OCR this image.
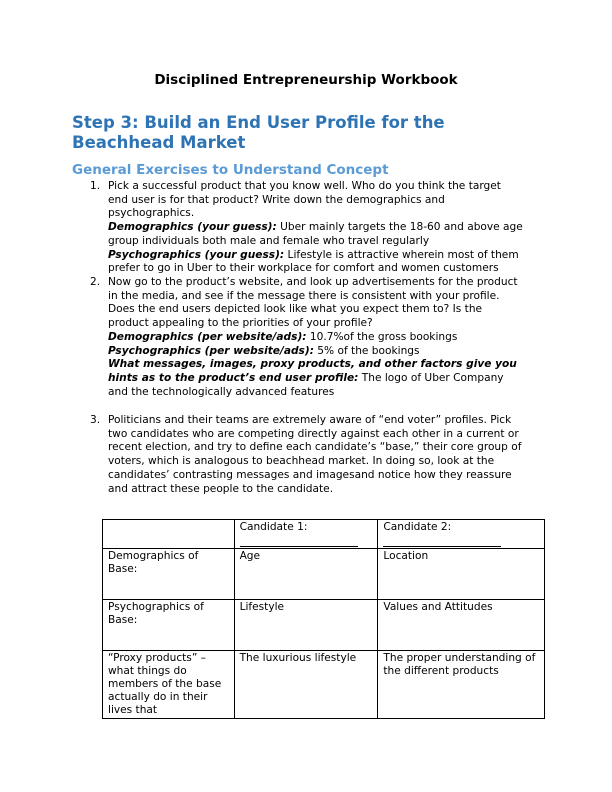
Disciplined Entrepreneurship Workbook
Step 3: Build an End User Profile for the
Beachhead Market
General Exercises to Understand Concept
1. Pick a successful product that you know well. Who do you think the target
end user is for that product? Write down the demographics and
psychographics.
Demographics (your guess): Uber mainly targets the 18-60 and above age
group individuals both male and female who travel regularly
Psychographics (your guess): Lifestyle is attractive wherein most of them
prefer to go in Uber to their workplace for comfort and women customers
2. Now go to the product’s website, and look up advertisements for the product
in the media, and see if the message there is consistent with your profile.
Does the end users depicted look like what you expect them to? Is the
product appealing to the priorities of your profile?
Demographics (per website/ads): 10.7%of the gross bookings
Psychographics (per website/ads): 5% of the bookings
What messages, images, proxy products, and other factors give you
hints as to the product’s end user profile: The logo of Uber Company
and the technologically advanced features
3. Politicians and their teams are extremely aware of “end voter” profiles. Pick
two candidates who are competing directly against each other in a current or
recent election, and try to define each candidate’s “base,” their core group of
voters, which is analogous to beachhead market. In doing so, look at the
candidates’ contrasting messages and imagesand notice how they reassure
and attract these people to the candidate.
	Candidate 1:	Candidate 2:

Demographics of Base:	Age	Location
Psychographics of Base:	Lifestyle	Values and Attitudes
“Proxy products” – what things do members of the base actually do in their lives that	The luxurious lifestyle	The proper understanding of the different products
